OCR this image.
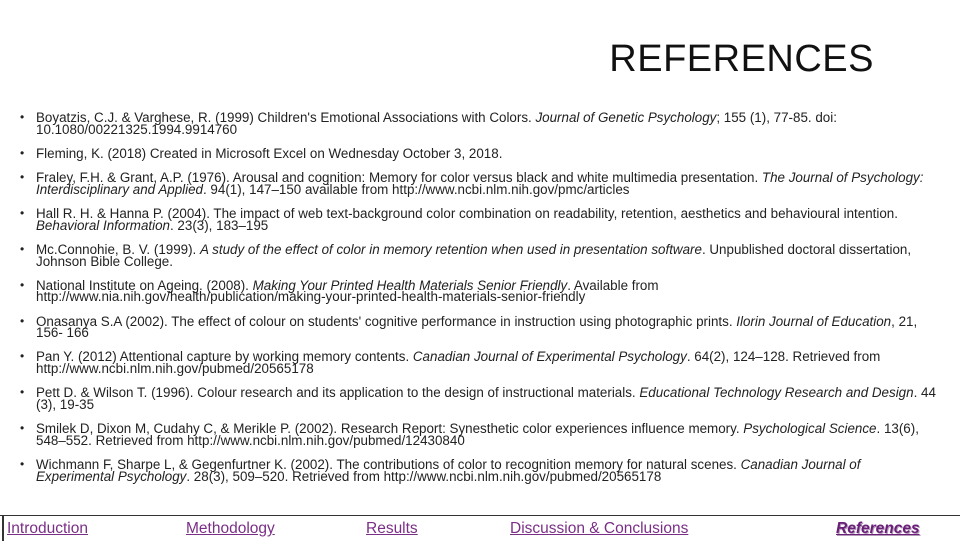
REFERENCES
• Boyatzis, C.J. & Varghese, R. (1999) Children's Emotional Associations with Colors. Journal of Genetic Psychology; 155 (1), 77-85. doi: 10.1080/00221325.1994.9914760
• Fleming, K. (2018) Created in Microsoft Excel on Wednesday October 3, 2018.
• Fraley, F.H. & Grant, A.P. (1976). Arousal and cognition: Memory for color versus black and white multimedia presentation. The Journal of Psychology: Interdisciplinary and Applied. 94(1), 147–150 available from http://www.ncbi.nlm.nih.gov/pmc/articles
• Hall R. H. & Hanna P. (2004). The impact of web text-background color combination on readability, retention, aesthetics and behavioural intention. Behavioral Information. 23(3), 183–195
• Mc.Connohie, B. V. (1999). A study of the effect of color in memory retention when used in presentation software. Unpublished doctoral dissertation, Johnson Bible College.
• National Institute on Ageing. (2008). Making Your Printed Health Materials Senior Friendly. Available from http://www.nia.nih.gov/health/publication/making-your-printed-health-materials-senior-friendly
• Onasanya S.A (2002). The effect of colour on students' cognitive performance in instruction using photographic prints. Ilorin Journal of Education, 21, 156- 166
• Pan Y. (2012) Attentional capture by working memory contents. Canadian Journal of Experimental Psychology. 64(2), 124–128. Retrieved from http://www.ncbi.nlm.nih.gov/pubmed/20565178
• Pett D. & Wilson T. (1996). Colour research and its application to the design of instructional materials. Educational Technology Research and Design. 44 (3), 19-35
• Smilek D, Dixon M, Cudahy C, & Merikle P. (2002). Research Report: Synesthetic color experiences influence memory. Psychological Science. 13(6), 548–552. Retrieved from http://www.ncbi.nlm.nih.gov/pubmed/12430840
• Wichmann F, Sharpe L, & Gegenfurtner K. (2002). The contributions of color to recognition memory for natural scenes. Canadian Journal of Experimental Psychology. 28(3), 509–520. Retrieved from http://www.ncbi.nlm.nih.gov/pubmed/20565178
Introduction	Methodology	Results	Discussion & Conclusions	References
